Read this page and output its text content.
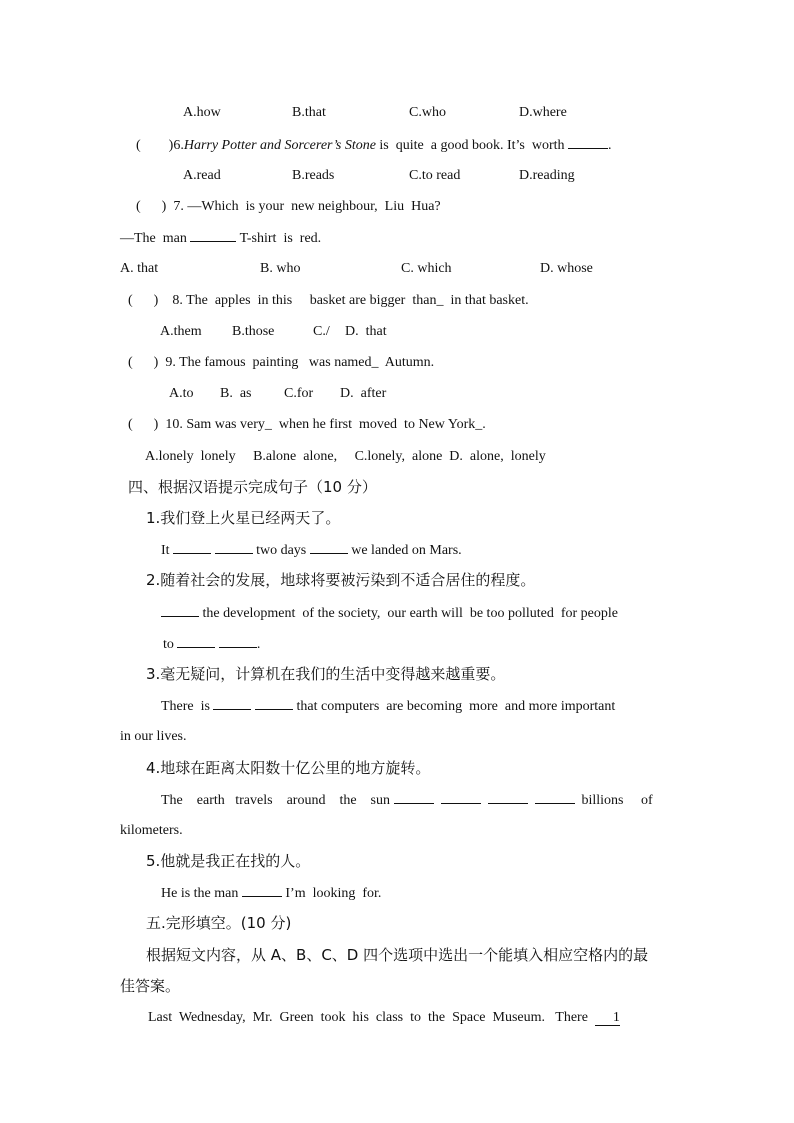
A.how

	B.that

	C.who

	D.where

(        )6.Harry Potter and Sorcerer’s Stone is  quite  a good book. It’s  worth	.

A.read

	B.reads

	C.to read

	D.reading

(      )  7. —Which  is your  new neighbour,  Liu  Hua?
—The  man	T-shirt  is  red.

A. that

	B. who

	C. which

	D. whose

(      )    8. The  apples  in this     basket are bigger  than_  in that basket.

A.them

B.those

	C./

D.  that

(      )  9. The famous  painting   was named_  Autumn.

A.to

B.  as

C.for

D.  after

(      )  10. Sam was very_  when he first  moved  to New York_.
A.lonely  lonely     B.alone  alone,     C.lonely,  alone  D.  alone,  lonely
四、根据汉语提示完成句子（10 分）
1.我们登上火星已经两天了。
It	two days	we landed on Mars.
2.随着社会的发展，地球将要被污染到不适合居住的程度。
the development  of the society,  our earth will  be too polluted  for people
to	.
3.毫无疑问，计算机在我们的生活中变得越来越重要。
There  is	that computers  are becoming  more  and more important
in our lives.
4.地球在距离太阳数十亿公里的地方旋转。
The    earth   travels    around    the    sun	billions     of
kilometers.
5.他就是我正在找的人。
He is the man	I’m  looking  for.
五.完形填空。(10 分)
根据短文内容，从 A、B、C、D 四个选项中选出一个能填入相应空格内的最
佳答案。
Last  Wednesday,  Mr.  Green  took  his  class  to  the  Space  Museum.   There  1
